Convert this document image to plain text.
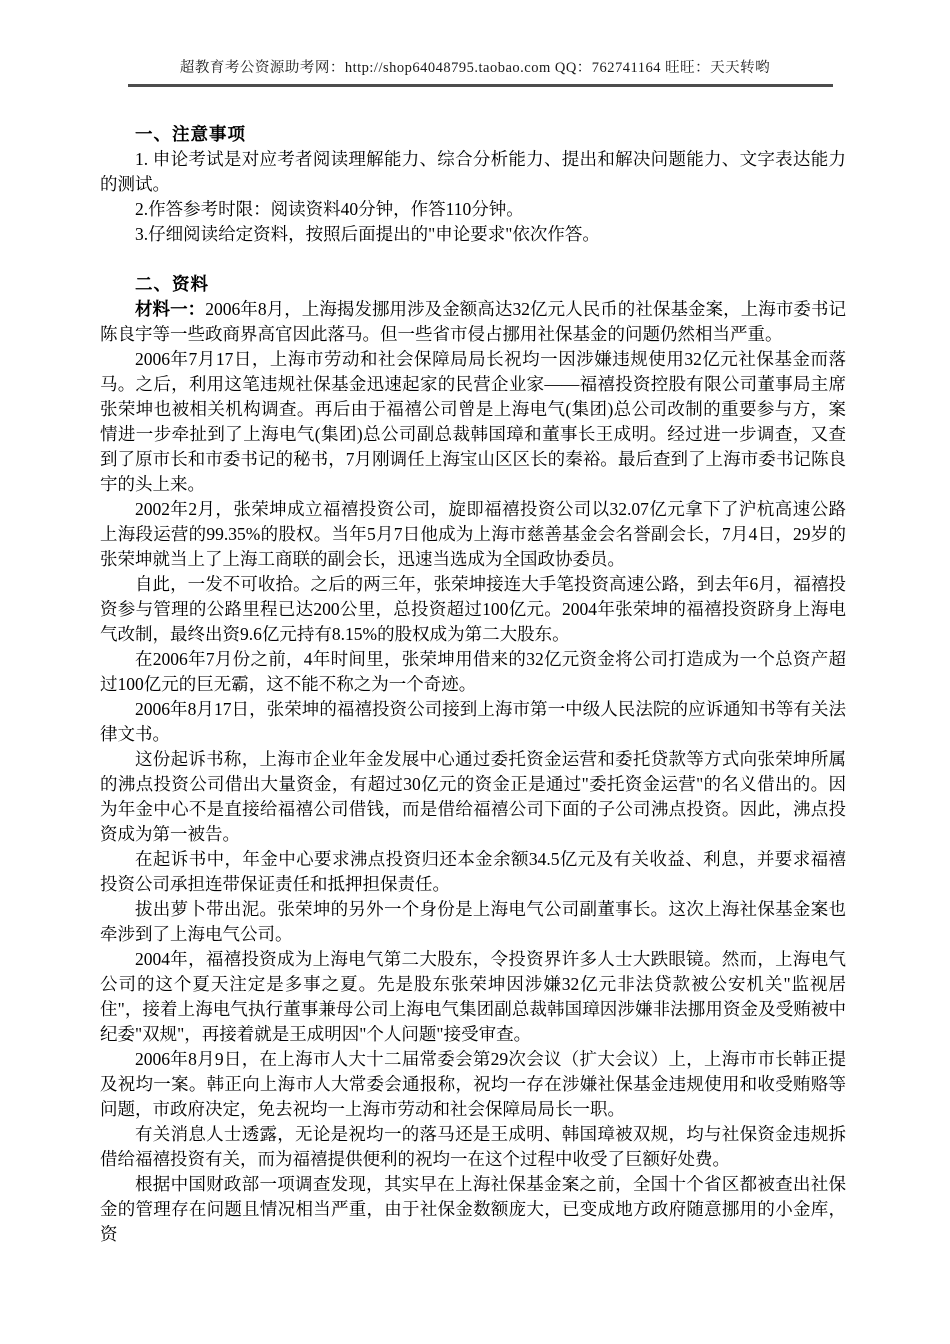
超教育考公资源助考网：http://shop64048795.taobao.com QQ：762741164 旺旺：天天转哟
一、注意事项

1. 申论考试是对应考者阅读理解能力、综合分析能力、提出和解决问题能力、文字表达能力的测试。

2.作答参考时限：阅读资料40分钟，作答110分钟。

3.仔细阅读给定资料，按照后面提出的"申论要求"依次作答。

二、资料

材料一：2006年8月，上海揭发挪用涉及金额高达32亿元人民币的社保基金案，上海市委书记陈良宇等一些政商界高官因此落马。但一些省市侵占挪用社保基金的问题仍然相当严重。

2006年7月17日，上海市劳动和社会保障局局长祝均一因涉嫌违规使用32亿元社保基金而落马。之后，利用这笔违规社保基金迅速起家的民营企业家——福禧投资控股有限公司董事局主席张荣坤也被相关机构调查。再后由于福禧公司曾是上海电气(集团)总公司改制的重要参与方，案情进一步牵扯到了上海电气(集团)总公司副总裁韩国璋和董事长王成明。经过进一步调查，又查到了原市长和市委书记的秘书，7月刚调任上海宝山区区长的秦裕。最后查到了上海市委书记陈良宇的头上来。

2002年2月，张荣坤成立福禧投资公司，旋即福禧投资公司以32.07亿元拿下了沪杭高速公路上海段运营的99.35%的股权。当年5月7日他成为上海市慈善基金会名誉副会长，7月4日，29岁的张荣坤就当上了上海工商联的副会长，迅速当选成为全国政协委员。

自此，一发不可收拾。之后的两三年，张荣坤接连大手笔投资高速公路，到去年6月，福禧投资参与管理的公路里程已达200公里，总投资超过100亿元。2004年张荣坤的福禧投资跻身上海电气改制，最终出资9.6亿元持有8.15%的股权成为第二大股东。

在2006年7月份之前，4年时间里，张荣坤用借来的32亿元资金将公司打造成为一个总资产超过100亿元的巨无霸，这不能不称之为一个奇迹。

2006年8月17日，张荣坤的福禧投资公司接到上海市第一中级人民法院的应诉通知书等有关法律文书。

这份起诉书称，上海市企业年金发展中心通过委托资金运营和委托贷款等方式向张荣坤所属的沸点投资公司借出大量资金，有超过30亿元的资金正是通过"委托资金运营"的名义借出的。因为年金中心不是直接给福禧公司借钱，而是借给福禧公司下面的子公司沸点投资。因此，沸点投资成为第一被告。

在起诉书中，年金中心要求沸点投资归还本金余额34.5亿元及有关收益、利息，并要求福禧投资公司承担连带保证责任和抵押担保责任。

拔出萝卜带出泥。张荣坤的另外一个身份是上海电气公司副董事长。这次上海社保基金案也牵涉到了上海电气公司。

2004年，福禧投资成为上海电气第二大股东，令投资界许多人士大跌眼镜。然而，上海电气公司的这个夏天注定是多事之夏。先是股东张荣坤因涉嫌32亿元非法贷款被公安机关"监视居住"，接着上海电气执行董事兼母公司上海电气集团副总裁韩国璋因涉嫌非法挪用资金及受贿被中纪委"双规"，再接着就是王成明因"个人问题"接受审查。

2006年8月9日，在上海市人大十二届常委会第29次会议（扩大会议）上，上海市市长韩正提及祝均一案。韩正向上海市人大常委会通报称，祝均一存在涉嫌社保基金违规使用和收受贿赂等问题，市政府决定，免去祝均一上海市劳动和社会保障局局长一职。

有关消息人士透露，无论是祝均一的落马还是王成明、韩国璋被双规，均与社保资金违规拆借给福禧投资有关，而为福禧提供便利的祝均一在这个过程中收受了巨额好处费。

根据中国财政部一项调查发现，其实早在上海社保基金案之前，全国十个省区都被查出社保金的管理存在问题且情况相当严重，由于社保金数额庞大，已变成地方政府随意挪用的小金库，资
